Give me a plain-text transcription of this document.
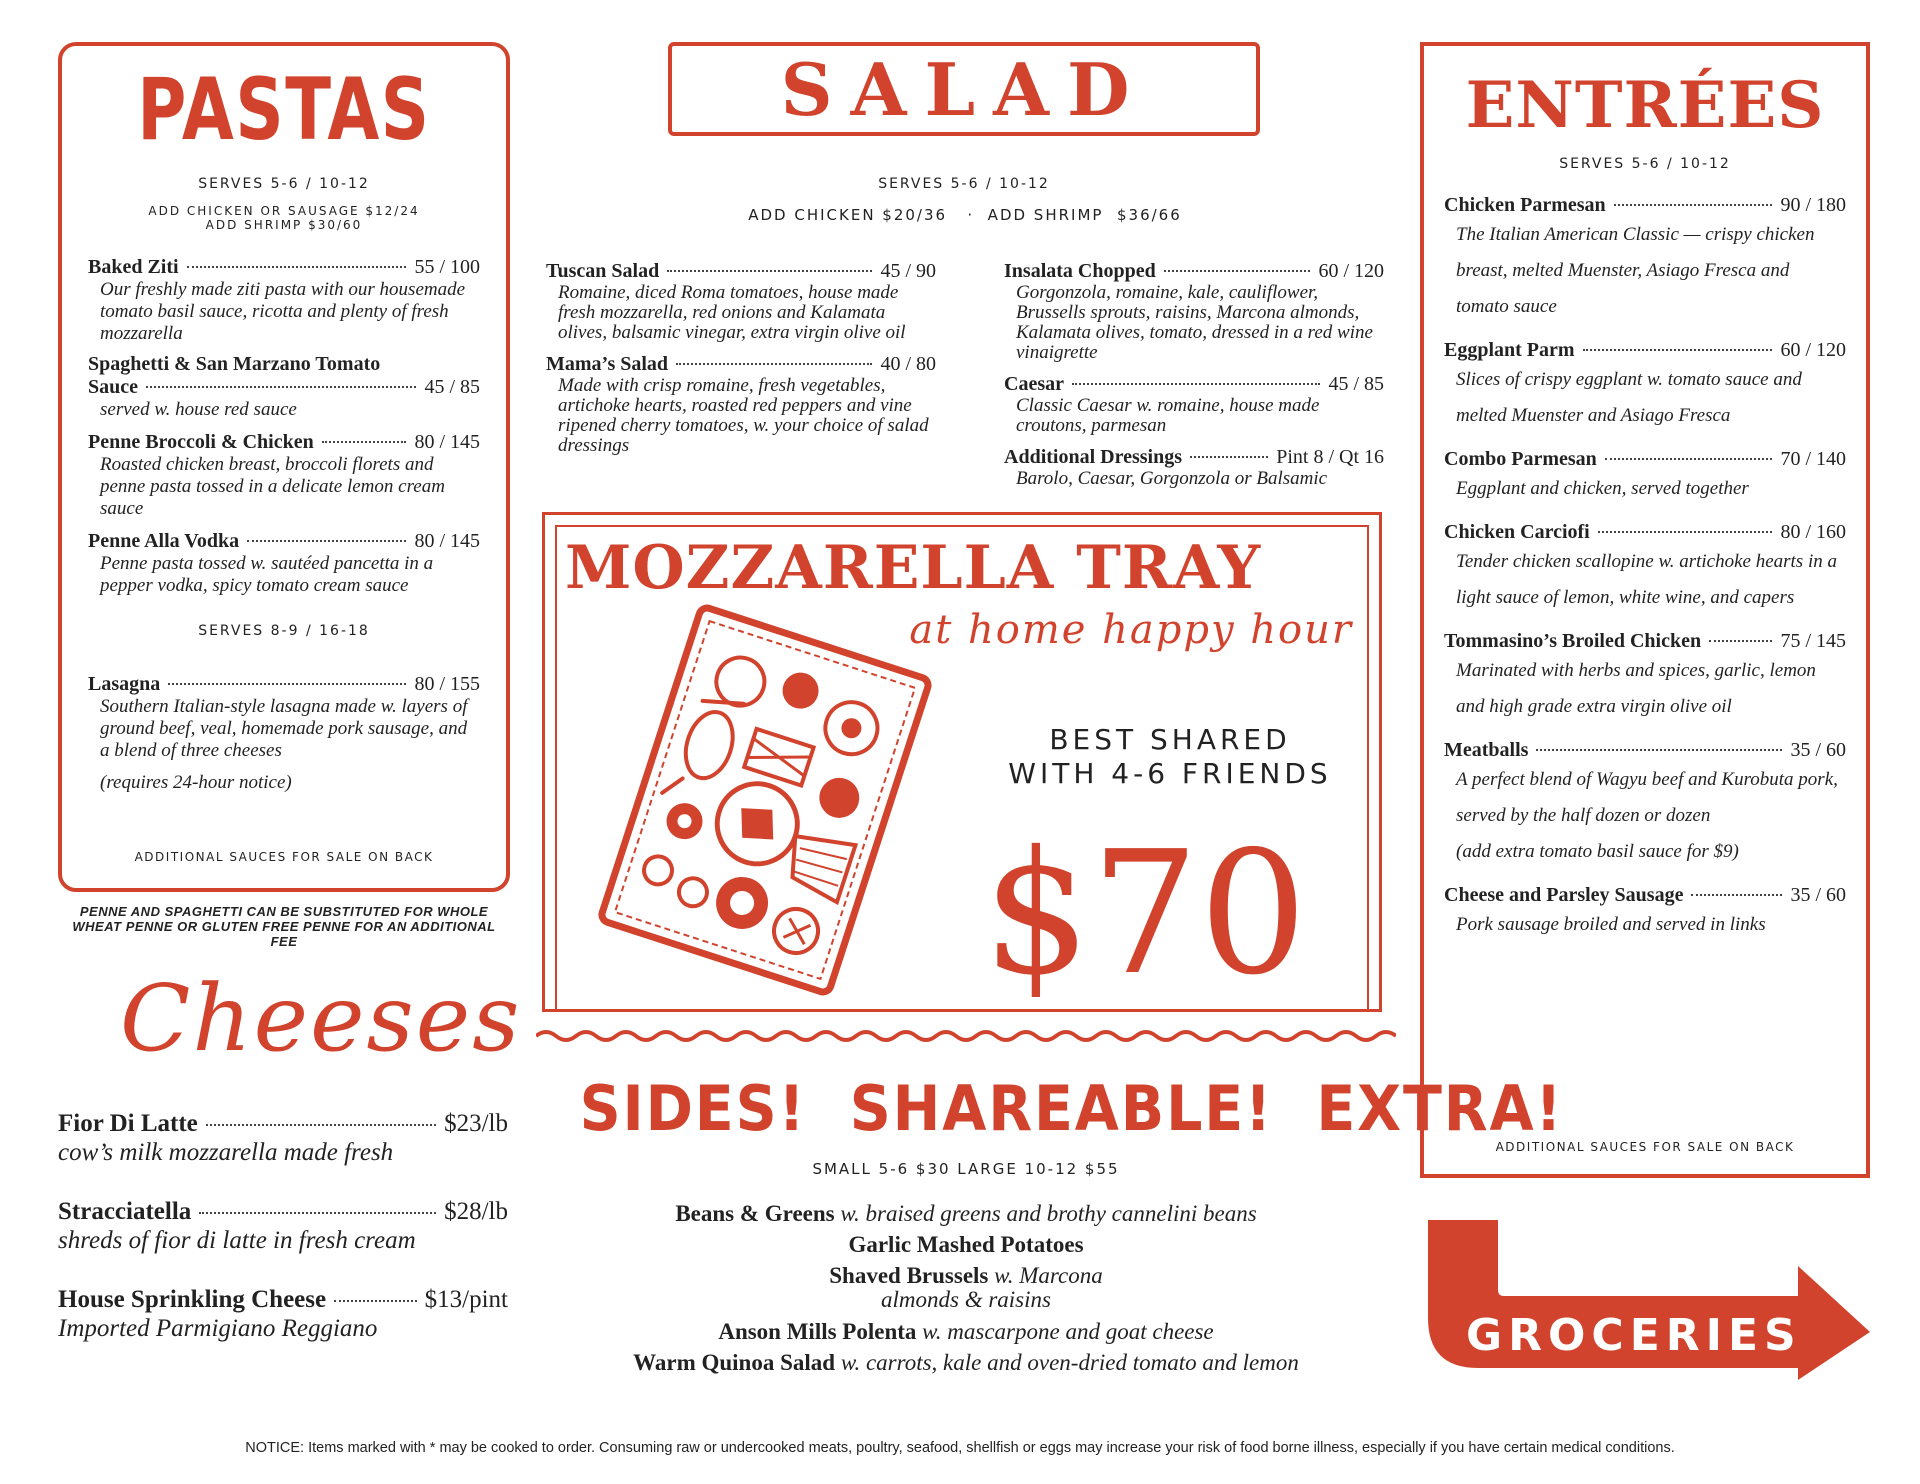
PASTAS
SERVES 5-6 / 10-12
ADD CHICKEN OR SAUSAGE $12/24
ADD SHRIMP $30/60
Baked Ziti	55 / 100
Our freshly made ziti pasta with our housemade tomato basil sauce, ricotta and plenty of fresh mozzarella
Spaghetti & San Marzano Tomato
Sauce	45 / 85
served w. house red sauce
Penne Broccoli & Chicken	80 / 145
Roasted chicken breast, broccoli florets and penne pasta tossed in a delicate lemon cream sauce
Penne Alla Vodka	80 / 145
Penne pasta tossed w. sautéed pancetta in a pepper vodka, spicy tomato cream sauce
SERVES 8-9 / 16-18
Lasagna	80 / 155
Southern Italian-style lasagna made w. layers of ground beef, veal, homemade pork sausage, and a blend of three cheeses
(requires 24-hour notice)
ADDITIONAL SAUCES FOR SALE ON BACK
PENNE AND SPAGHETTI CAN BE SUBSTITUTED FOR WHOLE WHEAT PENNE OR GLUTEN FREE PENNE FOR AN ADDITIONAL FEE
SALAD
SERVES 5-6 / 10-12
ADD CHICKEN $20/36   ·  ADD SHRIMP  $36/66
Tuscan Salad	45 / 90
Romaine, diced Roma tomatoes, house made fresh mozzarella, red onions and Kalamata olives, balsamic vinegar, extra virgin olive oil
Mama’s Salad	40 / 80
Made with crisp romaine, fresh vegetables, artichoke hearts, roasted red peppers and vine ripened cherry tomatoes, w. your choice of salad dressings
Insalata Chopped	60 / 120
Gorgonzola, romaine, kale, cauliflower, Brussells sprouts, raisins, Marcona almonds, Kalamata olives, tomato, dressed in a red wine vinaigrette
Caesar	45 / 85
Classic Caesar w. romaine, house made croutons, parmesan
Additional Dressings	Pint 8 / Qt 16
Barolo, Caesar, Gorgonzola or Balsamic
MOZZARELLA TRAY
at home happy hour
BEST SHARED
WITH 4-6 FRIENDS
$70
SIDES!  SHAREABLE!  EXTRA!
SMALL 5-6 $30 LARGE 10-12 $55
Beans & Greens w. braised greens and brothy cannelini beans
Garlic Mashed Potatoes
Shaved Brussels w. Marcona
almonds & raisins
Anson Mills Polenta w. mascarpone and goat cheese
Warm Quinoa Salad w. carrots, kale and oven-dried tomato and lemon
ENTRÉES
SERVES 5-6 / 10-12
Chicken Parmesan	90 / 180
The Italian American Classic — crispy chicken breast, melted Muenster, Asiago Fresca and tomato sauce
Eggplant Parm	60 / 120
Slices of crispy eggplant w. tomato sauce and melted Muenster and Asiago Fresca
Combo Parmesan	70 / 140
Eggplant and chicken, served together
Chicken Carciofi	80 / 160
Tender chicken scallopine w. artichoke hearts in a light sauce of lemon, white wine, and capers
Tommasino’s Broiled Chicken	75 / 145
Marinated with herbs and spices, garlic, lemon and high grade extra virgin olive oil
Meatballs	35 / 60
A perfect blend of Wagyu beef and Kurobuta pork, served by the half dozen or dozen
(add extra tomato basil sauce for $9)
Cheese and Parsley Sausage	35 / 60
Pork sausage broiled and served in links
ADDITIONAL SAUCES FOR SALE ON BACK
Cheeses
Fior Di Latte	$23/lb
cow’s milk mozzarella made fresh
Stracciatella	$28/lb
shreds of fior di latte in fresh cream
House Sprinkling Cheese	$13/pint
Imported Parmigiano Reggiano	GROCERIES
NOTICE: Items marked with * may be cooked to order. Consuming raw or undercooked meats, poultry, seafood, shellfish or eggs may increase your risk of food borne illness, especially if you have certain medical conditions.
